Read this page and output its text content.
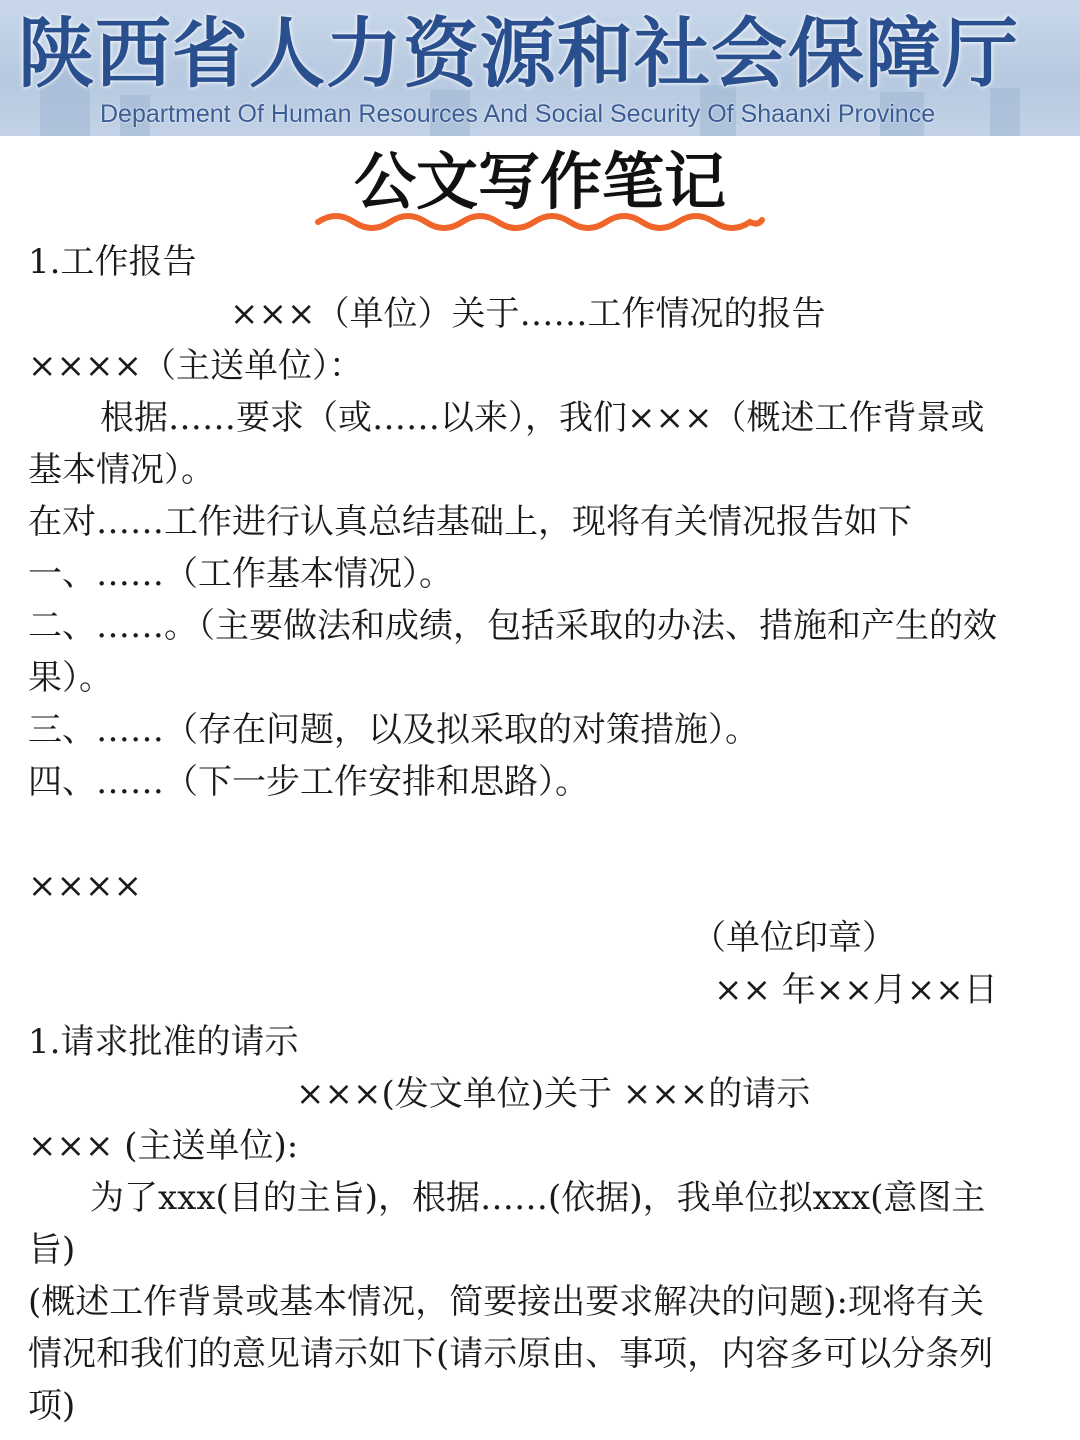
陕西省人力资源和社会保障厅
Department Of Human Resources And Social Security Of Shaanxi Province
公文写作笔记
1.工作报告
×××（单位）关于……工作情况的报告
××××（主送单位）：
根据……要求（或……以来），我们×××（概述工作背景或
基本情况）。
在对……工作进行认真总结基础上，现将有关情况报告如下
一、……（工作基本情况）。
二、……。（主要做法和成绩，包括采取的办法、措施和产生的效
果）。
三、……（存在问题，以及拟采取的对策措施）。
四、……（下一步工作安排和思路）。
××××
（单位印章）
×× 年××月××日
1.请求批准的请示
×××(发文单位)关于 ×××的请示
××× (主送单位):
为了xxx(目的主旨)，根据……(依据)，我单位拟xxx(意图主
旨)
(概述工作背景或基本情况，简要接出要求解决的问题):现将有关
情况和我们的意见请示如下(请示原由、事项，内容多可以分条列
项)
